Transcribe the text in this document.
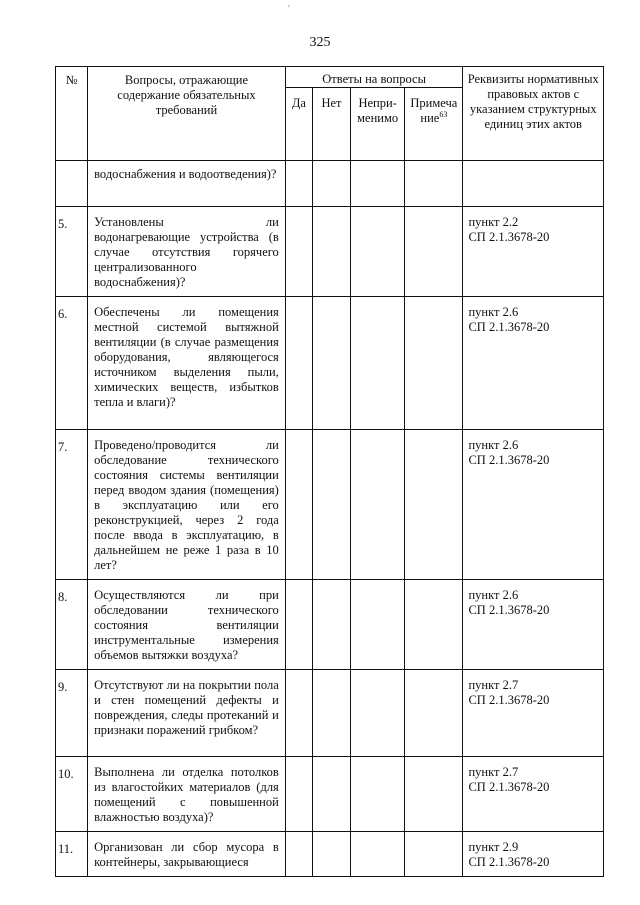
'
325
№	Вопросы, отражающие содержание обязательных требований	Ответы на вопросы				Реквизиты нормативных правовых актов с указанием структурных единиц этих актов
		Да	Нет	Непри-менимо	Примеча ние$^{63}$
	водоснабжения и водоотведения)?					

5.	Установлены ли водонагревающие устройства (в случае отсутствия горячего централизованного водоснабжения)?					пункт 2.2
СП 2.1.3678-20

6.	Обеспечены ли помещения местной системой вытяжной вентиляции (в случае размещения оборудования, являющегося источником выделения пыли, химических веществ, избытков тепла и влаги)?					пункт 2.6
СП 2.1.3678-20

7.	Проведено/проводится ли обследование технического состояния системы вентиляции перед вводом здания (помещения) в эксплуатацию или его реконструкцией, через 2 года после ввода в эксплуатацию, в дальнейшем не реже 1 раза в 10 лет?					пункт 2.6
СП 2.1.3678-20

8.	Осуществляются ли при обследовании технического состояния вентиляции инструментальные измерения объемов вытяжки воздуха?					пункт 2.6
СП 2.1.3678-20

9.	Отсутствуют ли на покрытии пола и стен помещений дефекты и повреждения, следы протеканий и признаки поражений грибком?					пункт 2.7
СП 2.1.3678-20

10.	Выполнена ли отделка потолков из влагостойких материалов (для помещений с повышенной влажностью воздуха)?					пункт 2.7
СП 2.1.3678-20

11.	Организован ли сбор мусора в контейнеры, закрывающиеся					пункт 2.9
СП 2.1.3678-20
